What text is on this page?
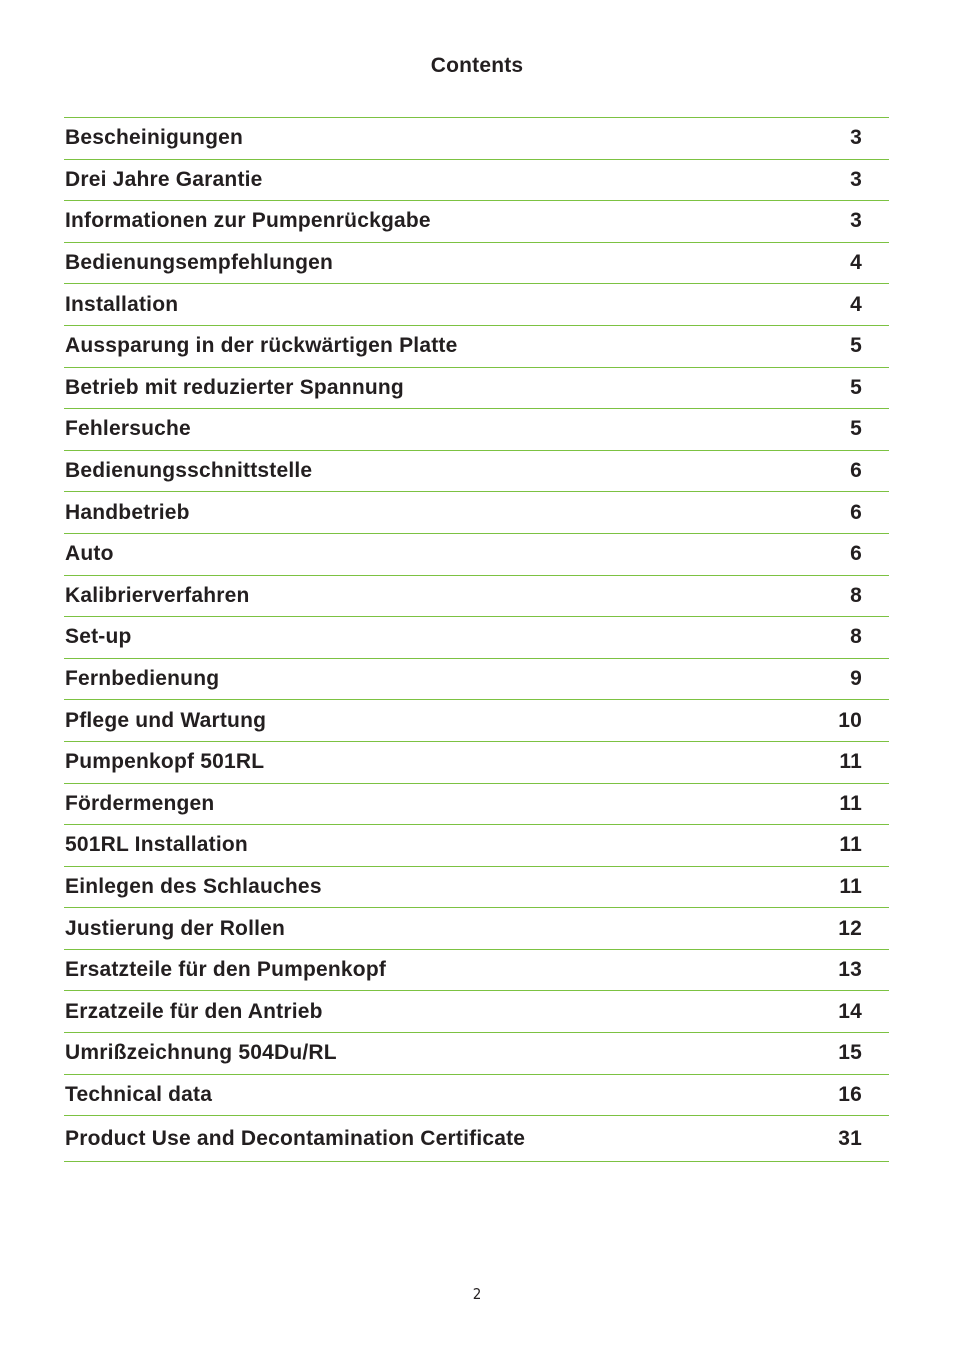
Contents
Bescheinigungen	3
Drei Jahre Garantie	3
Informationen zur Pumpenrückgabe	3
Bedienungsempfehlungen	4
Installation	4
Aussparung in der rückwärtigen Platte	5
Betrieb mit reduzierter Spannung	5
Fehlersuche	5
Bedienungsschnittstelle	6
Handbetrieb	6
Auto	6
Kalibrierverfahren	8
Set-up	8
Fernbedienung	9
Pflege und Wartung	10
Pumpenkopf 501RL	11
Fördermengen	11
501RL Installation	11
Einlegen des Schlauches	11
Justierung der Rollen	12
Ersatzteile für den Pumpenkopf	13
Erzatzeile für den Antrieb	14
Umrißzeichnung 504Du/RL	15
Technical data	16
Product Use and Decontamination Certificate	31
2
